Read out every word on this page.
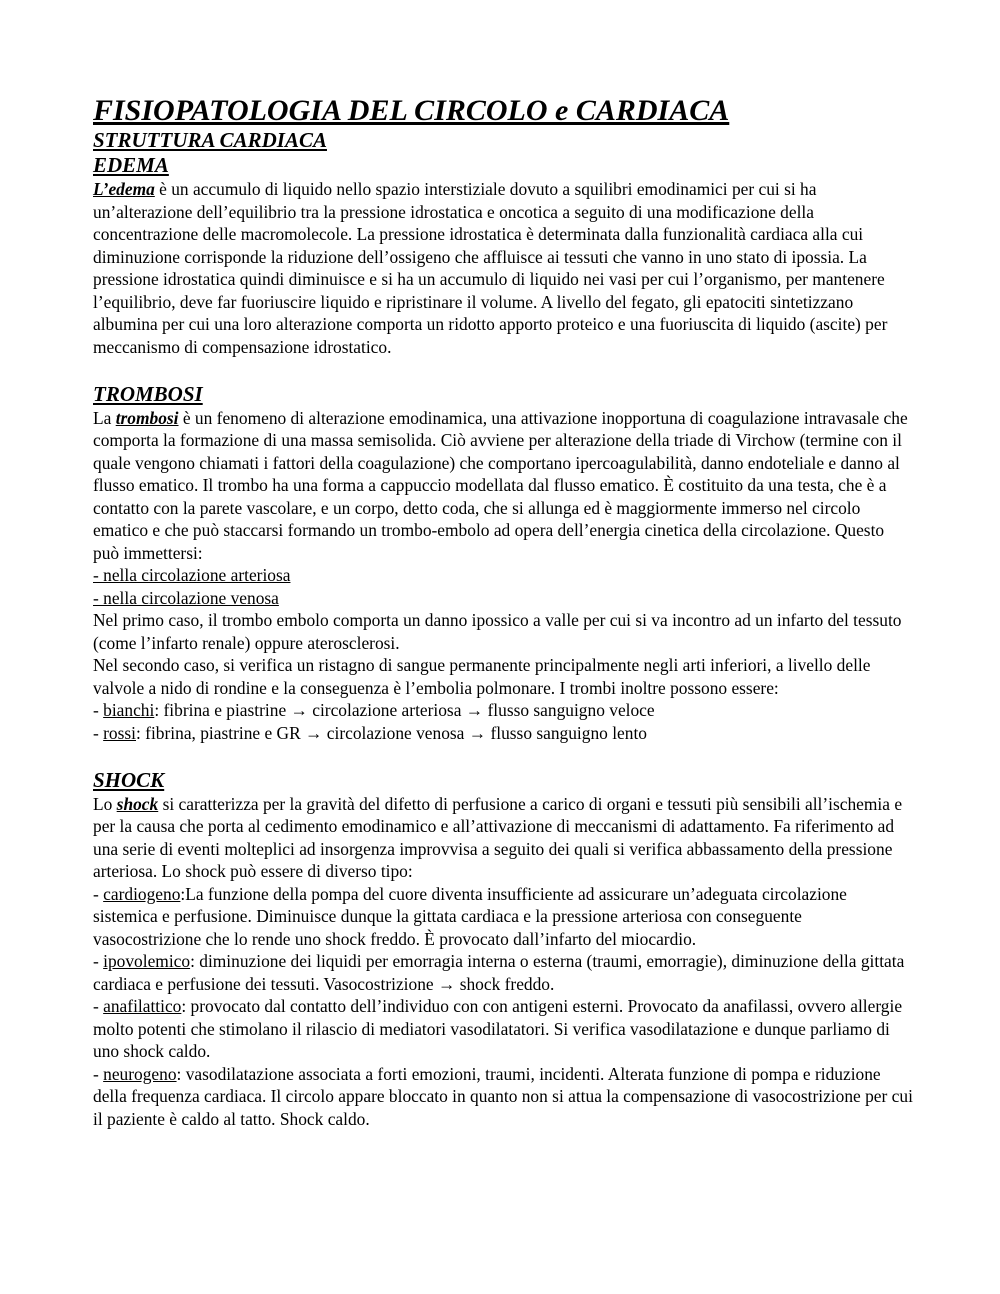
FISIOPATOLOGIA DEL CIRCOLO e CARDIACA
STRUTTURA CARDIACA
EDEMA

L’edema è un accumulo di liquido nello spazio interstiziale dovuto a squilibri emodinamici per cui si ha un’alterazione dell’equilibrio tra la pressione idrostatica e oncotica a seguito di una modificazione della concentrazione delle macromolecole. La pressione idrostatica è determinata dalla funzionalità cardiaca alla cui diminuzione corrisponde la riduzione dell’ossigeno che affluisce ai tessuti che vanno in uno stato di ipossia. La pressione idrostatica quindi diminuisce e si ha un accumulo di liquido nei vasi per cui l’organismo, per mantenere l’equilibrio, deve far fuoriuscire liquido e ripristinare il volume. A livello del fegato, gli epatociti sintetizzano albumina per cui una loro alterazione comporta un ridotto apporto proteico e una fuoriuscita di liquido (ascite) per meccanismo di compensazione idrostatico.

TROMBOSI

La trombosi è un fenomeno di alterazione emodinamica, una attivazione inopportuna di coagulazione intravasale che comporta la formazione di una massa semisolida. Ciò avviene per alterazione della triade di Virchow (termine con il quale vengono chiamati i fattori della coagulazione) che comportano ipercoagulabilità, danno endoteliale e danno al flusso ematico. Il trombo ha una forma a cappuccio modellata dal flusso ematico. È costituito da una testa, che è a contatto con la parete vascolare, e un corpo, detto coda, che si allunga ed è maggiormente immerso nel circolo ematico e che può staccarsi formando un trombo-embolo ad opera dell’energia cinetica della circolazione. Questo può immettersi:

- nella circolazione arteriosa

- nella circolazione venosa

Nel primo caso, il trombo embolo comporta un danno ipossico a valle per cui si va incontro ad un infarto del tessuto (come l’infarto renale) oppure aterosclerosi.

Nel secondo caso, si verifica un ristagno di sangue permanente principalmente negli arti inferiori, a livello delle valvole a nido di rondine e la conseguenza è l’embolia polmonare. I trombi inoltre possono essere:

- bianchi: fibrina e piastrine → circolazione arteriosa → flusso sanguigno veloce

- rossi: fibrina, piastrine e GR → circolazione venosa → flusso sanguigno lento

SHOCK

Lo shock si caratterizza per la gravità del difetto di perfusione a carico di organi e tessuti più sensibili all’ischemia e per la causa che porta al cedimento emodinamico e all’attivazione di meccanismi di adattamento. Fa riferimento ad una serie di eventi molteplici ad insorgenza improvvisa a seguito dei quali si verifica abbassamento della pressione arteriosa. Lo shock può essere di diverso tipo:

- cardiogeno:La funzione della pompa del cuore diventa insufficiente ad assicurare un’adeguata circolazione sistemica e perfusione. Diminuisce dunque la gittata cardiaca e la pressione arteriosa con conseguente vasocostrizione che lo rende uno shock freddo. È provocato dall’infarto del miocardio.

- ipovolemico: diminuzione dei liquidi per emorragia interna o esterna (traumi, emorragie), diminuzione della gittata cardiaca e perfusione dei tessuti. Vasocostrizione → shock freddo.

- anafilattico: provocato dal contatto dell’individuo con con antigeni esterni. Provocato da anafilassi, ovvero allergie molto potenti che stimolano il rilascio di mediatori vasodilatatori. Si verifica vasodilatazione e dunque parliamo di uno shock caldo.

- neurogeno: vasodilatazione associata a forti emozioni, traumi, incidenti. Alterata funzione di pompa e riduzione della frequenza cardiaca. Il circolo appare bloccato in quanto non si attua la compensazione di vasocostrizione per cui il paziente è caldo al tatto. Shock caldo.
